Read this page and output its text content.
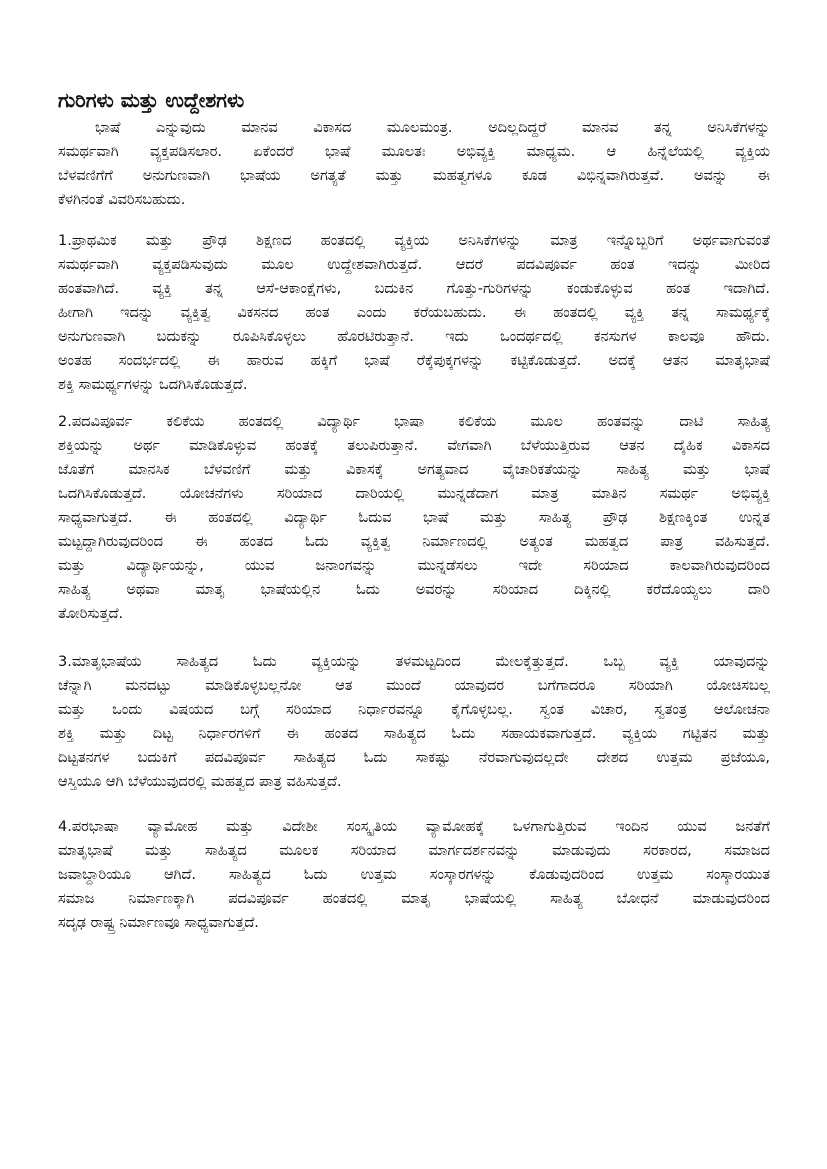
ಗುರಿಗಳು ಮತ್ತು ಉದ್ದೇಶಗಳು
ಭಾಷೆ ಎನ್ನುವುದು ಮಾನವ ವಿಕಾಸದ ಮೂಲಮಂತ್ರ. ಅದಿಲ್ಲದಿದ್ದರೆ ಮಾನವ ತನ್ನ ಅನಿಸಿಕೆಗಳನ್ನು
ಸಮರ್ಥವಾಗಿ ವ್ಯಕ್ತಪಡಿಸಲಾರ. ಏಕೆಂದರೆ ಭಾಷೆ ಮೂಲತಃ ಅಭಿವ್ಯಕ್ತಿ ಮಾಧ್ಯಮ. ಆ ಹಿನ್ನೆಲೆಯಲ್ಲಿ ವ್ಯಕ್ತಿಯ
ಬೆಳವಣಿಗೆಗೆ ಅನುಗುಣವಾಗಿ ಭಾಷೆಯ ಅಗತ್ಯತೆ ಮತ್ತು ಮಹತ್ವಗಳೂ ಕೂಡ ವಿಭಿನ್ನವಾಗಿರುತ್ತವೆ. ಅವನ್ನು ಈ
ಕೆಳಗಿನಂತೆ ವಿವರಿಸಬಹುದು.
1.ಪ್ರಾಥಮಿಕ ಮತ್ತು ಪ್ರೌಢ ಶಿಕ್ಷಣದ ಹಂತದಲ್ಲಿ ವ್ಯಕ್ತಿಯ ಅನಿಸಿಕೆಗಳನ್ನು ಮಾತ್ರ ಇನ್ನೊಬ್ಬರಿಗೆ ಅರ್ಥವಾಗುವಂತೆ
ಸಮರ್ಥವಾಗಿ ವ್ಯಕ್ತಪಡಿಸುವುದು ಮೂಲ ಉದ್ದೇಶವಾಗಿರುತ್ತದೆ. ಆದರೆ ಪದವಿಪೂರ್ವ ಹಂತ ಇದನ್ನು ಮೀರಿದ
ಹಂತವಾಗಿದೆ. ವ್ಯಕ್ತಿ ತನ್ನ ಆಸೆ-ಆಕಾಂಕ್ಷೆಗಳು, ಬದುಕಿನ ಗೊತ್ತು-ಗುರಿಗಳನ್ನು ಕಂಡುಕೊಳ್ಳುವ ಹಂತ ಇದಾಗಿದೆ.
ಹೀಗಾಗಿ ಇದನ್ನು ವ್ಯಕ್ತಿತ್ವ ವಿಕಸನದ ಹಂತ ಎಂದು ಕರೆಯಬಹುದು. ಈ ಹಂತದಲ್ಲಿ ವ್ಯಕ್ತಿ ತನ್ನ ಸಾಮರ್ಥ್ಯಕ್ಕೆ
ಅನುಗುಣವಾಗಿ ಬದುಕನ್ನು ರೂಪಿಸಿಕೊಳ್ಳಲು ಹೊರಟಿರುತ್ತಾನೆ. ಇದು ಒಂದರ್ಥದಲ್ಲಿ ಕನಸುಗಳ ಕಾಲವೂ ಹೌದು.
ಅಂತಹ ಸಂದರ್ಭದಲ್ಲಿ ಈ ಹಾರುವ ಹಕ್ಕಿಗೆ ಭಾಷೆ ರೆಕ್ಕೆಪುಕ್ಕಗಳನ್ನು ಕಟ್ಟಿಕೊಡುತ್ತದೆ. ಅದಕ್ಕೆ ಆತನ ಮಾತೃಭಾಷೆ
ಶಕ್ತಿ ಸಾಮರ್ಥ್ಯಗಳನ್ನು ಒದಗಿಸಿಕೊಡುತ್ತದೆ.
2.ಪದವಿಪೂರ್ವ ಕಲಿಕೆಯ ಹಂತದಲ್ಲಿ ವಿದ್ಯಾರ್ಥಿ ಭಾಷಾ ಕಲಿಕೆಯ ಮೂಲ ಹಂತವನ್ನು ದಾಟಿ ಸಾಹಿತ್ಯ
ಶಕ್ತಿಯನ್ನು ಅರ್ಥ ಮಾಡಿಕೊಳ್ಳುವ ಹಂತಕ್ಕೆ ತಲುಪಿರುತ್ತಾನೆ. ವೇಗವಾಗಿ ಬೆಳೆಯುತ್ತಿರುವ ಆತನ ದೈಹಿಕ ವಿಕಾಸದ
ಜೊತೆಗೆ ಮಾನಸಿಕ ಬೆಳವಣಿಗೆ ಮತ್ತು ವಿಕಾಸಕ್ಕೆ ಅಗತ್ಯವಾದ ವೈಚಾರಿಕತೆಯನ್ನು ಸಾಹಿತ್ಯ ಮತ್ತು ಭಾಷೆ
ಒದಗಿಸಿಕೊಡುತ್ತದೆ. ಯೋಚನೆಗಳು ಸರಿಯಾದ ದಾರಿಯಲ್ಲಿ ಮುನ್ನಡೆದಾಗ ಮಾತ್ರ ಮಾತಿನ ಸಮರ್ಥ ಅಭಿವ್ಯಕ್ತಿ
ಸಾಧ್ಯವಾಗುತ್ತದೆ. ಈ ಹಂತದಲ್ಲಿ ವಿದ್ಯಾರ್ಥಿ ಓದುವ ಭಾಷೆ ಮತ್ತು ಸಾಹಿತ್ಯ ಪ್ರೌಢ ಶಿಕ್ಷಣಕ್ಕಿಂತ ಉನ್ನತ
ಮಟ್ಟದ್ದಾಗಿರುವುದರಿಂದ ಈ ಹಂತದ ಓದು ವ್ಯಕ್ತಿತ್ವ ನಿರ್ಮಾಣದಲ್ಲಿ ಅತ್ಯಂತ ಮಹತ್ವದ ಪಾತ್ರ ವಹಿಸುತ್ತದೆ.
ಮತ್ತು ವಿದ್ಯಾರ್ಥಿಯನ್ನು, ಯುವ ಜನಾಂಗವನ್ನು ಮುನ್ನಡೆಸಲು ಇದೇ ಸರಿಯಾದ ಕಾಲವಾಗಿರುವುದರಿಂದ
ಸಾಹಿತ್ಯ ಅಥವಾ ಮಾತೃ ಭಾಷೆಯಲ್ಲಿನ ಓದು ಅವರನ್ನು ಸರಿಯಾದ ದಿಕ್ಕಿನಲ್ಲಿ ಕರೆದೊಯ್ಯಲು ದಾರಿ
ತೋರಿಸುತ್ತದೆ.
3.ಮಾತೃಭಾಷೆಯ ಸಾಹಿತ್ಯದ ಓದು ವ್ಯಕ್ತಿಯನ್ನು ತಳಮಟ್ಟದಿಂದ ಮೇಲಕ್ಕೆತ್ತುತ್ತದೆ. ಒಬ್ಬ ವ್ಯಕ್ತಿ ಯಾವುದನ್ನು
ಚೆನ್ನಾಗಿ ಮನದಟ್ಟು ಮಾಡಿಕೊಳ್ಳಬಲ್ಲನೋ ಆತ ಮುಂದೆ ಯಾವುದರ ಬಗೆಗಾದರೂ ಸರಿಯಾಗಿ ಯೋಚಿಸಬಲ್ಲ
ಮತ್ತು ಒಂದು ವಿಷಯದ ಬಗ್ಗೆ ಸರಿಯಾದ ನಿರ್ಧಾರವನ್ನೂ ಕೈಗೊಳ್ಳಬಲ್ಲ. ಸ್ವಂತ ವಿಚಾರ, ಸ್ವತಂತ್ರ ಆಲೋಚನಾ
ಶಕ್ತಿ ಮತ್ತು ದಿಟ್ಟ ನಿರ್ಧಾರಗಳಿಗೆ ಈ ಹಂತದ ಸಾಹಿತ್ಯದ ಓದು ಸಹಾಯಕವಾಗುತ್ತದೆ. ವ್ಯಕ್ತಿಯ ಗಟ್ಟಿತನ ಮತ್ತು
ದಿಟ್ಟತನಗಳ ಬದುಕಿಗೆ ಪದವಿಪೂರ್ವ ಸಾಹಿತ್ಯದ ಓದು ಸಾಕಷ್ಟು ನೆರವಾಗುವುದಲ್ಲದೇ ದೇಶದ ಉತ್ತಮ ಪ್ರಜೆಯೂ,
ಆಸ್ತಿಯೂ ಆಗಿ ಬೆಳೆಯುವುದರಲ್ಲಿ ಮಹತ್ವದ ಪಾತ್ರ ವಹಿಸುತ್ತದೆ.
4.ಪರಭಾಷಾ ವ್ಯಾಮೋಹ ಮತ್ತು ವಿದೇಶೀ ಸಂಸ್ಕೃತಿಯ ವ್ಯಾಮೋಹಕ್ಕೆ ಒಳಗಾಗುತ್ತಿರುವ ಇಂದಿನ ಯುವ ಜನತೆಗೆ
ಮಾತೃಭಾಷೆ ಮತ್ತು ಸಾಹಿತ್ಯದ ಮೂಲಕ ಸರಿಯಾದ ಮಾರ್ಗದರ್ಶನವನ್ನು ಮಾಡುವುದು ಸರಕಾರದ, ಸಮಾಜದ
ಜವಾಬ್ದಾರಿಯೂ ಆಗಿದೆ. ಸಾಹಿತ್ಯದ ಓದು ಉತ್ತಮ ಸಂಸ್ಕಾರಗಳನ್ನು ಕೊಡುವುದರಿಂದ ಉತ್ತಮ ಸಂಸ್ಕಾರಯುತ
ಸಮಾಜ ನಿರ್ಮಾಣಕ್ಕಾಗಿ ಪದವಿಪೂರ್ವ ಹಂತದಲ್ಲಿ ಮಾತೃ ಭಾಷೆಯಲ್ಲಿ ಸಾಹಿತ್ಯ ಬೋಧನೆ ಮಾಡುವುದರಿಂದ
ಸದೃಢ ರಾಷ್ಟ್ರ ನಿರ್ಮಾಣವೂ ಸಾಧ್ಯವಾಗುತ್ತದೆ.
